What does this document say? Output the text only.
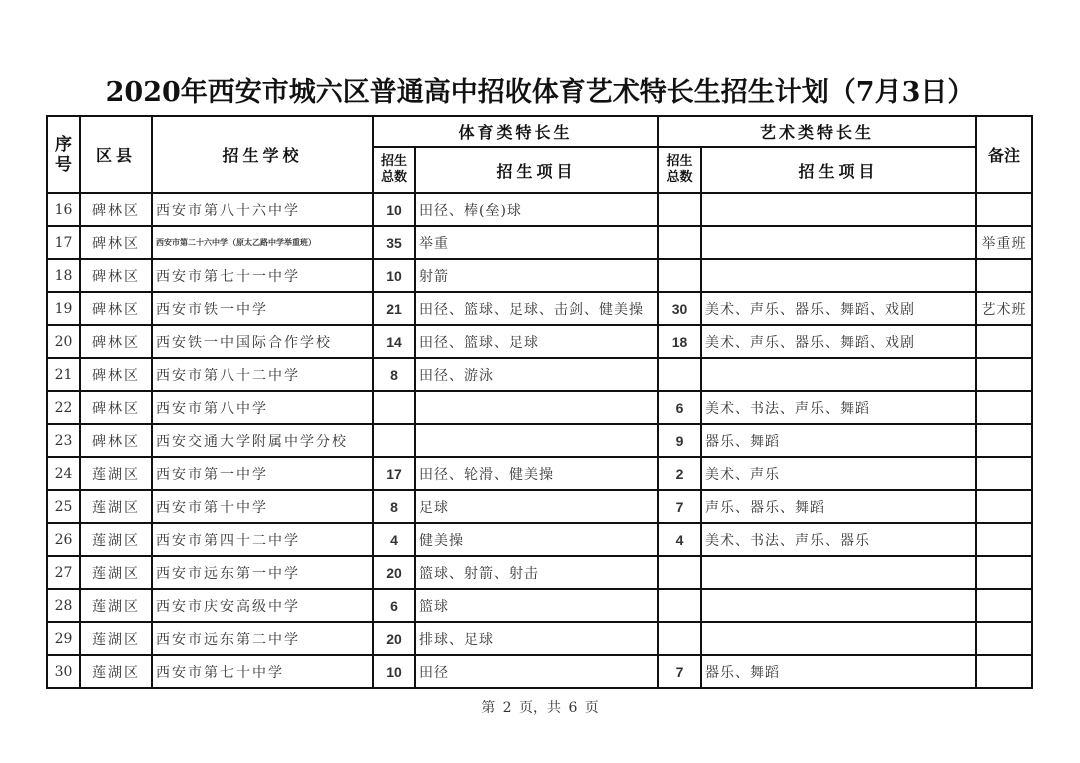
2020年西安市城六区普通高中招收体育艺术特长生招生计划（7月3日）
序号	区县	招生学校	体育类特长生		艺术类特长生		备注
			招生总数	招生项目	招生总数	招生项目	
16	碑林区	西安市第八十六中学	10	田径、棒(垒)球			
17	碑林区	西安市第二十六中学（原太乙路中学举重班）	35	举重			举重班
18	碑林区	西安市第七十一中学	10	射箭			
19	碑林区	西安市铁一中学	21	田径、篮球、足球、击剑、健美操	30	美术、声乐、器乐、舞蹈、戏剧	艺术班
20	碑林区	西安铁一中国际合作学校	14	田径、篮球、足球	18	美术、声乐、器乐、舞蹈、戏剧	
21	碑林区	西安市第八十二中学	8	田径、游泳			
22	碑林区	西安市第八中学			6	美术、书法、声乐、舞蹈	
23	碑林区	西安交通大学附属中学分校			9	器乐、舞蹈	
24	莲湖区	西安市第一中学	17	田径、轮滑、健美操	2	美术、声乐	
25	莲湖区	西安市第十中学	8	足球	7	声乐、器乐、舞蹈	
26	莲湖区	西安市第四十二中学	4	健美操	4	美术、书法、声乐、器乐	
27	莲湖区	西安市远东第一中学	20	篮球、射箭、射击			
28	莲湖区	西安市庆安高级中学	6	篮球			
29	莲湖区	西安市远东第二中学	20	排球、足球			
30	莲湖区	西安市第七十中学	10	田径	7	器乐、舞蹈	
第 2 页，共 6 页
